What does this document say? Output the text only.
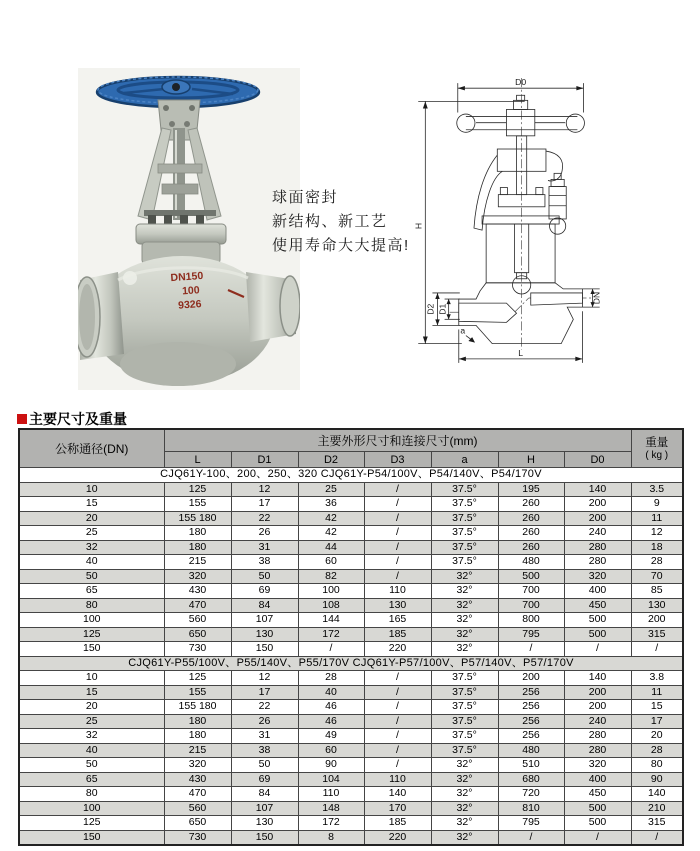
DN150
100
9326
球面密封
新结构、新工艺
使用寿命大大提高!
D0
H
D2 D1
DN
a
L
主要尺寸及重量
公称通径(DN)	主要外形尺寸和连接尺寸(mm)							重量
( kg )

	L	D1	D2	D3	a	H	D0	
CJQ61Y-100、200、250、320 CJQ61Y-P54/100V、P54/140V、P54/170V								
10	125	12	25	/	37.5°	195	140	3.5
15	155	17	36	/	37.5°	260	200	9
20	155 180	22	42	/	37.5°	260	200	11
25	180	26	42	/	37.5°	260	240	12
32	180	31	44	/	37.5°	260	280	18
40	215	38	60	/	37.5°	480	280	28
50	320	50	82	/	32°	500	320	70
65	430	69	100	110	32°	700	400	85
80	470	84	108	130	32°	700	450	130
100	560	107	144	165	32°	800	500	200
125	650	130	172	185	32°	795	500	315
150	730	150	/	220	32°	/	/	/
CJQ61Y-P55/100V、P55/140V、P55/170V CJQ61Y-P57/100V、P57/140V、P57/170V								
10	125	12	28	/	37.5°	200	140	3.8
15	155	17	40	/	37.5°	256	200	11
20	155 180	22	46	/	37.5°	256	200	15
25	180	26	46	/	37.5°	256	240	17
32	180	31	49	/	37.5°	256	280	20
40	215	38	60	/	37.5°	480	280	28
50	320	50	90	/	32°	510	320	80
65	430	69	104	110	32°	680	400	90
80	470	84	110	140	32°	720	450	140
100	560	107	148	170	32°	810	500	210
125	650	130	172	185	32°	795	500	315
150	730	150	8	220	32°	/	/	/
